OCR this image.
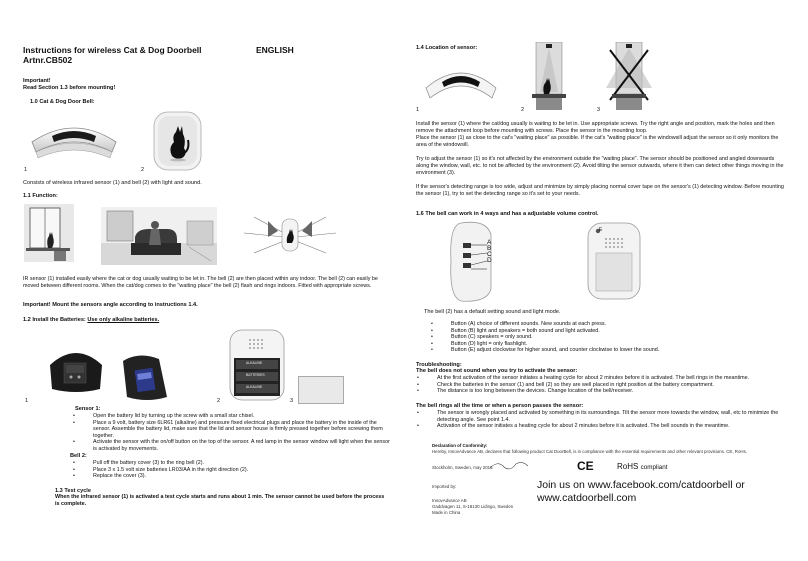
Instructions for wireless Cat & Dog Doorbell	ENGLISH
Artnr.CB502
Important!
Read Section 1.3 before mounting!
1.0 Cat & Dog Door Bell:
1	2
Consists of wireless infrared sensor (1) and bell (2) with light and sound.
1.1 Function:
IR sensor (1) installed easily where the cat or dog usually waiting to be let in. The bell (2) are then placed within any indoor. The bell (2) can easily be moved between different rooms. When the cat/dog comes to the "waiting place" the bell (2) flash and rings indoors. Fitted with appropriate screws.
Important! Mount the sensors angle according to instructions 1.4.
1.2 Install the Batteries: Use only alkaline batteries.
1
ALKALINE
BATTERIES
ALKALINE
2	3
Sensor 1:
• Open the battery lid by turning up the screw with a small star chisel.
• Place a 9 volt, battery size 6LR61 (alkaline) and pressure fixed electrical plugs and place the battery in the inside of the sensor. Assemble the battery lid, make sure that the lid and sensor house is firmly pressed together before screwing them together.
• Activate the sensor with the on/off button on the top of the sensor. A red lamp in the sensor window will light when the sensor is activated by movements.
Bell 2:
• Pull off the battery cover (3) to the ring bell (2).
• Place 3 x 1.5 volt size batteries LR03/AA in the right direction (2).
• Replace the cover (3).
1.3 Test cycle
When the infrared sensor (1) is activated a test cycle starts and runs about 1 min. The sensor cannot be used before the process is complete.
1.4 Location of sensor:
1	2	3
Install the sensor (1) where the cat/dog usually is waiting to be let in. Use appropriate screws. Try the right angle and position, mark the holes and then remove the attachment loop before mounting with screws. Place the sensor in the mounting loop.
Place the sensor (1) as close to the cat's "waiting place" as possible. If the cat's "waiting place" is the windowsill adjust the sensor so it only monitors the area of the windowsill.
Try to adjust the sensor (1) so it's not affected by the environment outside the "waiting place". The sensor should be positioned and angled downwards along the window, wall, etc. to not be affected by the environment (2). Avoid tilting the sensor outwards, where it then can detect other things moving in the environment (3).
If the sensor's detecting range is too wide, adjust and minimize by simply placing normal cover tape on the sensor's (1) detecting window. Before mounting the sensor (1), try to set the detecting range so it's set to your needs.
1.6 The bell can work in 4 ways and has a adjustable volume control.
A
B
C
D
E
The bell (2) has a default setting sound and light mode.
• Button (A) choice of different sounds. New sounds at each press.
• Button (B) light and speakers = both sound and light activated.
• Button (C) speakers = only sound.
• Button (D) light = only flashlight.
• Button (E) adjust clockwise for higher sound, and counter clockwise to lower the sound.
Troubleshooting:
The bell does not sound when you try to activate the sensor:
• At the first activation of the sensor initiates a heating cycle for about 2 minutes before it is activated. The bell rings in the meantime.
• Check the batteries in the sensor (1) and bell (2) so they are well placed in right position at the battery compartment.
• The distance is too long between the devices. Change location of the bell/receiver.
The bell rings all the time or when a person passes the sensor:
• The sensor is wrongly placed and activated by something in its surroundings. Tilt the sensor more towards the window, wall, etc to minimize the detecting angle. See point 1.4.
• Activation of the sensor initiates a heating cycle for about 2 minutes before it is activated. The bell sounds in the meantime.
Declaration of Conformity:
Hereby, InnovAdvance AB, declares that following product Cat DoorBell, is in compliance with the essential requirements and other relevant provisions. CE, RoHs.
Stockholm, Sweden, may 2015
Imported by:
InnovAdvance AB
Gaddvagen 11, S-18130 Lidingo, Sweden
Made in China
CE	RoHS compliant
Join us on www.facebook.com/catdoorbell or
www.catdoorbell.com
